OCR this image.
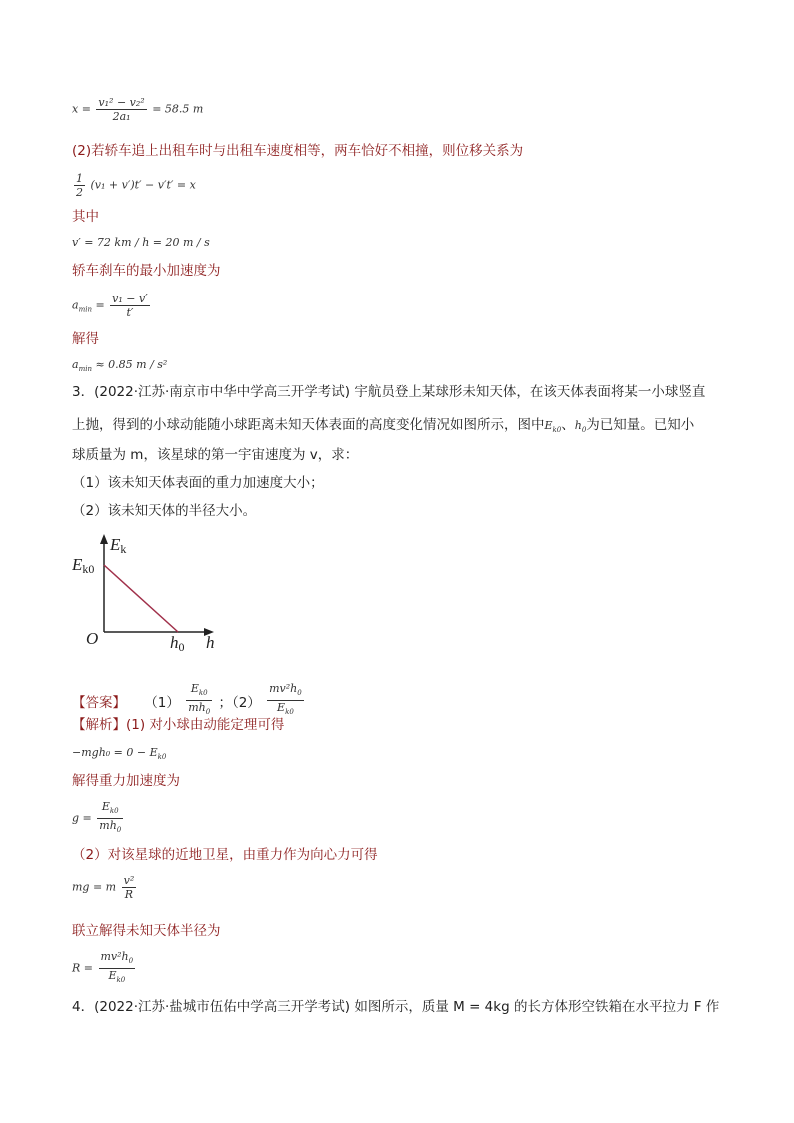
$x = \frac{\text{v₁² − v₂²}}{\text{2a₁}} = 58.5$ m
(2)若轿车追上出租车时与出租车速度相等，两车恰好不相撞，则位移关系为
$\frac{1}{2} (v_1 + v')t' - v't' = x$
其中
v′ = 72 km / h = 20 m / s
轿车刹车的最小加速度为
$a_{min} = \frac{\text{v₁ − v′}}{t'}$
解得
$a_{min} \approx 0.85$ m / s²
3．(2022·江苏·南京市中华中学高三开学考试) 宇航员登上某球形未知天体，在该天体表面将某一小球竖直
上抛，得到的小球动能随小球距离未知天体表面的高度变化情况如图所示，图中$E_{k0}$、$h_0$为已知量。已知小
球质量为 m，该星球的第一宇宙速度为 v，求：
（1）该未知天体表面的重力加速度大小；
（2）该未知天体的半径大小。
Ek
Ek0
O	h0 h
【答案】 $(1) \frac{E_{k0}}{mh_0}$ ；$(2) \frac{mv^2h_0}{E_{k0}}$
【解析】(1) 对小球由动能定理可得
$-mgh_0 = 0 - E_{k0}$
解得重力加速度为
$g = \frac{E_{k0}}{mh_0}$
（2）对该星球的近地卫星，由重力作为向心力可得
mg = m $\frac{\text{v²}}{R}$
联立解得未知天体半径为
$R = \frac{mv^2h_0}{E_{k0}}$
4．(2022·江苏·盐城市伍佑中学高三开学考试) 如图所示，质量 M = 4kg 的长方体形空铁箱在水平拉力 F 作
